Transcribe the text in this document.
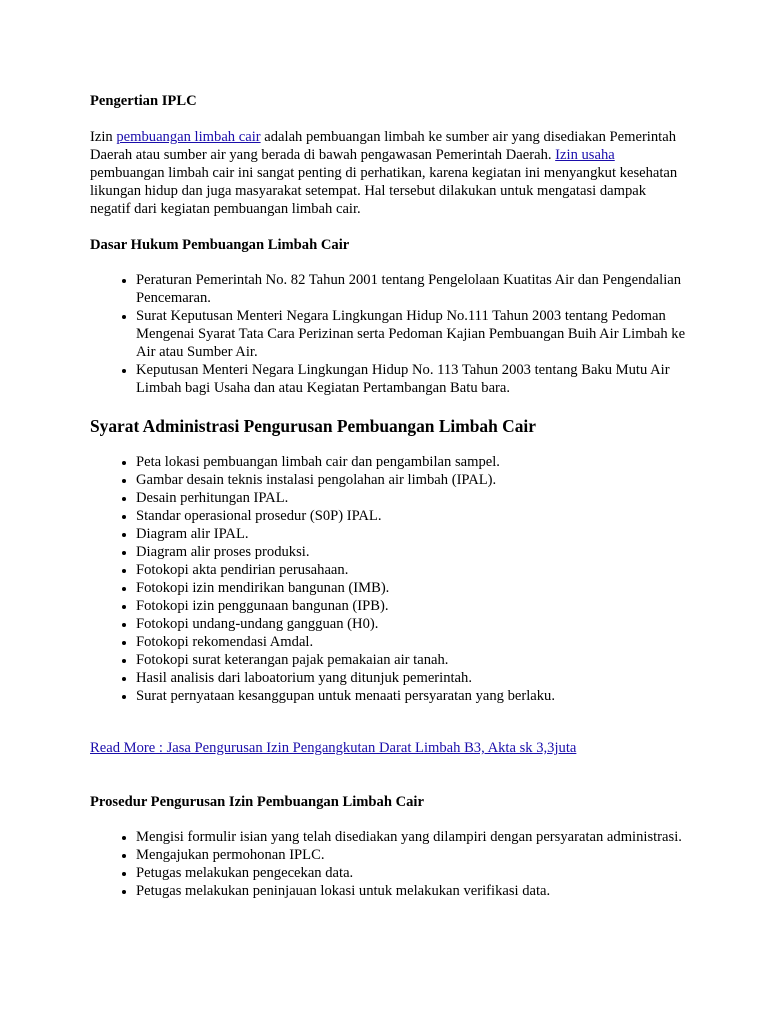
Pengertian IPLC

Izin pembuangan limbah cair adalah pembuangan limbah ke sumber air yang disediakan Pemerintah Daerah atau sumber air yang berada di bawah pengawasan Pemerintah Daerah. Izin usaha pembuangan limbah cair ini sangat penting di perhatikan, karena kegiatan ini menyangkut kesehatan likungan hidup dan juga masyarakat setempat. Hal tersebut dilakukan untuk mengatasi dampak negatif dari kegiatan pembuangan limbah cair.

Dasar Hukum Pembuangan Limbah Cair
• Peraturan Pemerintah No. 82 Tahun 2001 tentang Pengelolaan Kuatitas Air dan Pengendalian Pencemaran.
• Surat Keputusan Menteri Negara Lingkungan Hidup No.111 Tahun 2003 tentang Pedoman Mengenai Syarat Tata Cara Perizinan serta Pedoman Kajian Pembuangan Buih Air Limbah ke Air atau Sumber Air.
• Keputusan Menteri Negara Lingkungan Hidup No. 113 Tahun 2003 tentang Baku Mutu Air Limbah bagi Usaha dan atau Kegiatan Pertambangan Batu bara.
Syarat Administrasi Pengurusan Pembuangan Limbah Cair
• Peta lokasi pembuangan limbah cair dan pengambilan sampel.
• Gambar desain teknis instalasi pengolahan air limbah (IPAL).
• Desain perhitungan IPAL.
• Standar operasional prosedur (S0P) IPAL.
• Diagram alir IPAL.
• Diagram alir proses produksi.
• Fotokopi akta pendirian perusahaan.
• Fotokopi izin mendirikan bangunan (IMB).
• Fotokopi izin penggunaan bangunan (IPB).
• Fotokopi undang-undang gangguan (H0).
• Fotokopi rekomendasi Amdal.
• Fotokopi surat keterangan pajak pemakaian air tanah.
• Hasil analisis dari laboatorium yang ditunjuk pemerintah.
• Surat pernyataan kesanggupan untuk menaati persyaratan yang berlaku.

Read More : Jasa Pengurusan Izin Pengangkutan Darat Limbah B3, Akta sk 3,3juta

Prosedur Pengurusan Izin Pembuangan Limbah Cair
• Mengisi formulir isian yang telah disediakan yang dilampiri dengan persyaratan administrasi.
• Mengajukan permohonan IPLC.
• Petugas melakukan pengecekan data.
• Petugas melakukan peninjauan lokasi untuk melakukan verifikasi data.
